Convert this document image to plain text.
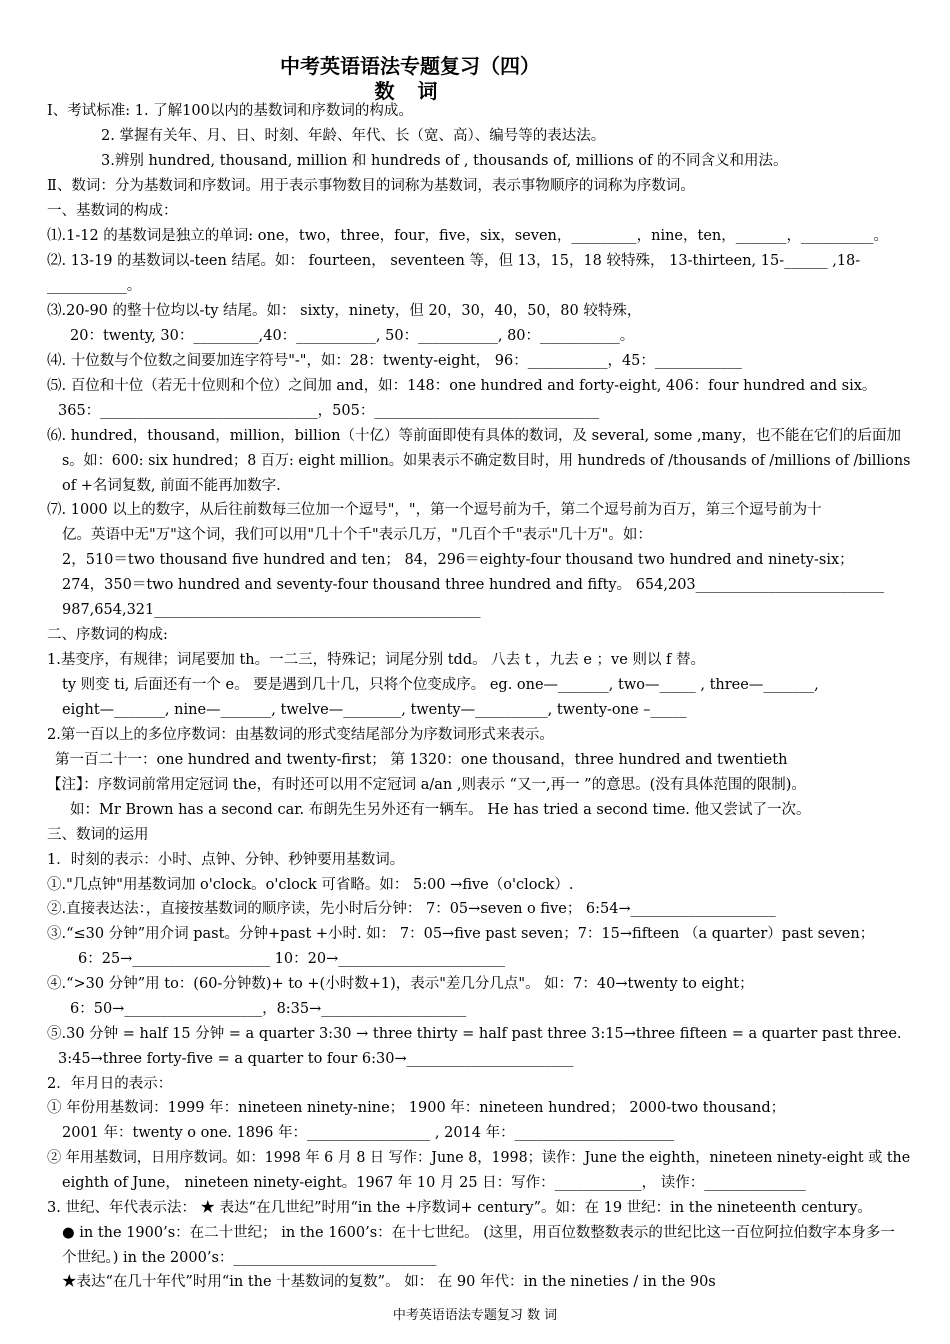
中考英语语法专题复习（四）
数 词
Ⅰ、考试标准: 1. 了解100以内的基数词和序数词的构成。
2. 掌握有关年、月、日、时刻、年龄、年代、长（宽、高）、编号等的表达法。
3.辨别 hundred, thousand, million 和 hundreds of , thousands of, millions of 的不同含义和用法。
Ⅱ、数词：分为基数词和序数词。用于表示事物数目的词称为基数词，表示事物顺序的词称为序数词。
一、基数词的构成：
⑴.1-12 的基数词是独立的单词: one，two，three，four，five，six，seven，_________，nine，ten，_______，__________。
⑵. 13-19 的基数词以-teen 结尾。如： fourteen， seventeen 等，但 13，15，18 较特殊， 13-thirteen, 15-______ ,18-
___________。
⑶.20-90 的整十位均以-ty 结尾。如： sixty，ninety，但 20，30，40，50，80 较特殊，
20：twenty, 30：_________,40：___________, 50：___________, 80：___________。
⑷. 十位数与个位数之间要加连字符号"-"，如：28：twenty-eight， 96：___________，45：____________
⑸. 百位和十位（若无十位则和个位）之间加 and，如：148：one hundred and forty-eight, 406：four hundred and six。
365：______________________________，505：_______________________________
⑹. hundred，thousand，million，billion（十亿）等前面即使有具体的数词，及 several, some ,many，也不能在它们的后面加
s。如：600: six hundred；8 百万: eight million。如果表示不确定数目时，用 hundreds of /thousands of /millions of /billions
of +名词复数, 前面不能再加数字.
⑺. 1000 以上的数字，从后往前数每三位加一个逗号"，"，第一个逗号前为千，第二个逗号前为百万，第三个逗号前为十
亿。英语中无"万"这个词，我们可以用"几十个千"表示几万，"几百个千"表示"几十万"。如：
2，510＝two thousand five hundred and ten； 84，296＝eighty-four thousand two hundred and ninety-six；
274，350＝two hundred and seventy-four thousand three hundred and fifty。 654,203__________________________
987,654,321_____________________________________________
二、序数词的构成:
1.基变序，有规律；词尾要加 th。一二三，特殊记；词尾分别 tdd。 八去 t ，九去 e ；ve 则以 f 替。
ty 则变 ti, 后面还有一个 e。 要是遇到几十几，只将个位变成序。 eg. one—_______, two—_____ , three—_______,
eight—_______, nine—_______, twelve—________, twenty—__________, twenty-one –_____
2.第一百以上的多位序数词：由基数词的形式变结尾部分为序数词形式来表示。
第一百二十一：one hundred and twenty-first； 第 1320：one thousand，three hundred and twentieth
【注】：序数词前常用定冠词 the，有时还可以用不定冠词 a/an ,则表示 “又一,再一 ”的意思。(没有具体范围的限制)。
如：Mr Brown has a second car. 布朗先生另外还有一辆车。 He has tried a second time. 他又尝试了一次。
三、数词的运用
1．时刻的表示：小时、点钟、分钟、秒钟要用基数词。
①."几点钟"用基数词加 o'clock。o'clock 可省略。如： 5:00 →five（o'clock）.
②.直接表达法：，直接按基数词的顺序读，先小时后分钟： 7：05→seven o five； 6:54→____________________
③.“≤30 分钟”用介词 past。分钟+past +小时. 如： 7：05→five past seven；7：15→fifteen （a quarter）past seven；
6：25→___________________ 10：20→_______________________
④.“>30 分钟”用 to：(60-分钟数)+ to +(小时数+1)，表示"差几分几点"。 如：7：40→twenty to eight；
6：50→___________________，8:35→____________________
⑤.30 分钟 = half 15 分钟 = a quarter 3:30 → three thirty = half past three 3:15→three fifteen = a quarter past three.
3:45→three forty-five = a quarter to four 6:30→_______________________
2．年月日的表示：
① 年份用基数词：1999 年：nineteen ninety-nine； 1900 年：nineteen hundred； 2000-two thousand；
2001 年：twenty o one. 1896 年：_________________ , 2014 年：______________________
② 年用基数词，日用序数词。如：1998 年 6 月 8 日 写作：June 8，1998；读作：June the eighth，nineteen ninety-eight 或 the
eighth of June， nineteen ninety-eight。1967 年 10 月 25 日：写作：____________， 读作：______________
3. 世纪、年代表示法： ★ 表达“在几世纪”时用“in the +序数词+ century”。如：在 19 世纪：in the nineteenth century。
● in the 1900’s：在二十世纪； in the 1600’s：在十七世纪。 (这里，用百位数整数表示的世纪比这一百位阿拉伯数字本身多一
个世纪。) in the 2000’s：____________________________
★表达“在几十年代”时用“in the 十基数词的复数”。 如： 在 90 年代：in the nineties / in the 90s
中考英语语法专题复习 数 词
